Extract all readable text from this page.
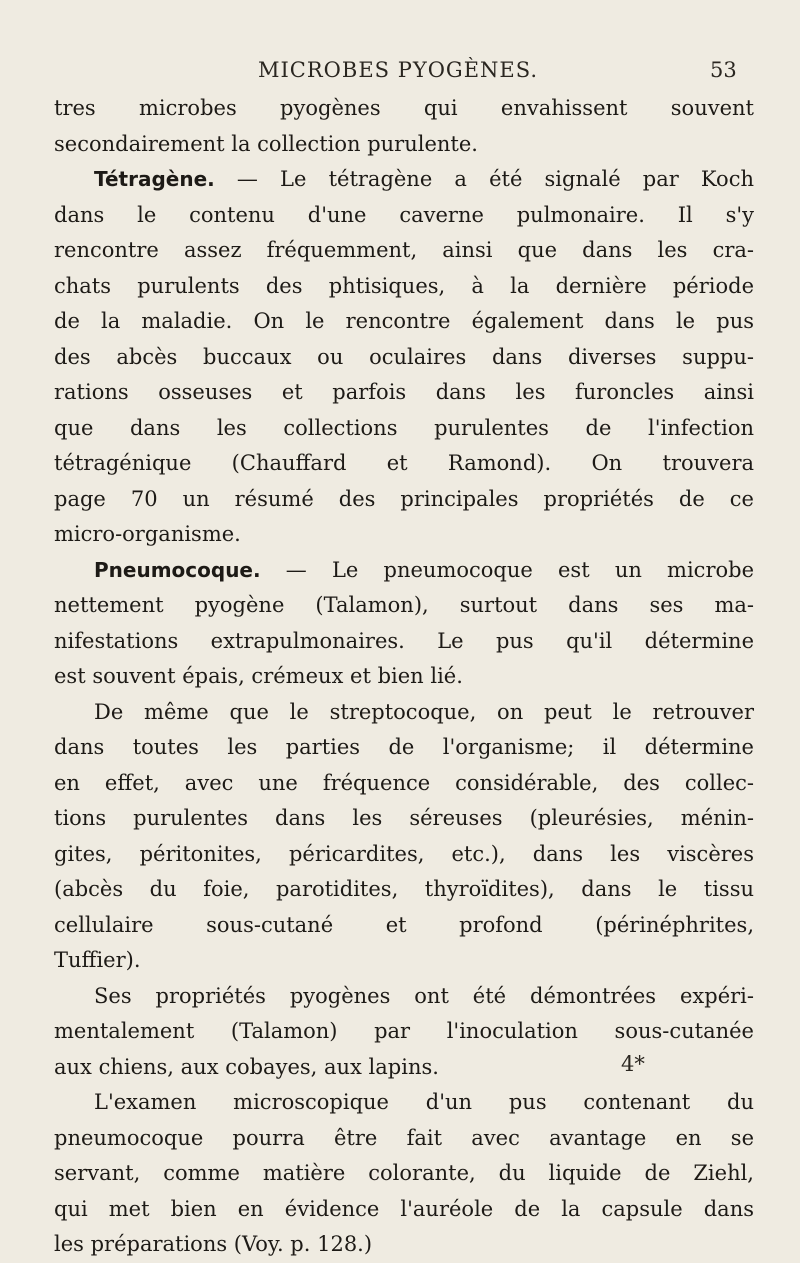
MICROBES PYOGÈNES.	53
tres microbes pyogènes qui envahissent souvent
secondairement la collection purulente.
Tétragène. — Le tétragène a été signalé par Koch
dans le contenu d'une caverne pulmonaire. Il s'y
rencontre assez fréquemment, ainsi que dans les cra-
chats purulents des phtisiques, à la dernière période
de la maladie. On le rencontre également dans le pus
des abcès buccaux ou oculaires dans diverses suppu-
rations osseuses et parfois dans les furoncles ainsi
que dans les collections purulentes de l'infection
tétragénique (Chauffard et Ramond). On trouvera
page 70 un résumé des principales propriétés de ce
micro-organisme.
Pneumocoque. — Le pneumocoque est un microbe
nettement pyogène (Talamon), surtout dans ses ma-
nifestations extrapulmonaires. Le pus qu'il détermine
est souvent épais, crémeux et bien lié.
De même que le streptocoque, on peut le retrouver
dans toutes les parties de l'organisme; il détermine
en effet, avec une fréquence considérable, des collec-
tions purulentes dans les séreuses (pleurésies, ménin-
gites, péritonites, péricardites, etc.), dans les viscères
(abcès du foie, parotidites, thyroïdites), dans le tissu
cellulaire sous-cutané et profond (périnéphrites,
Tuffier).
Ses propriétés pyogènes ont été démontrées expéri-
mentalement (Talamon) par l'inoculation sous-cutanée
aux chiens, aux cobayes, aux lapins.
L'examen microscopique d'un pus contenant du
pneumocoque pourra être fait avec avantage en se
servant, comme matière colorante, du liquide de Ziehl,
qui met bien en évidence l'auréole de la capsule dans
les préparations (Voy. p. 128.)
4*
